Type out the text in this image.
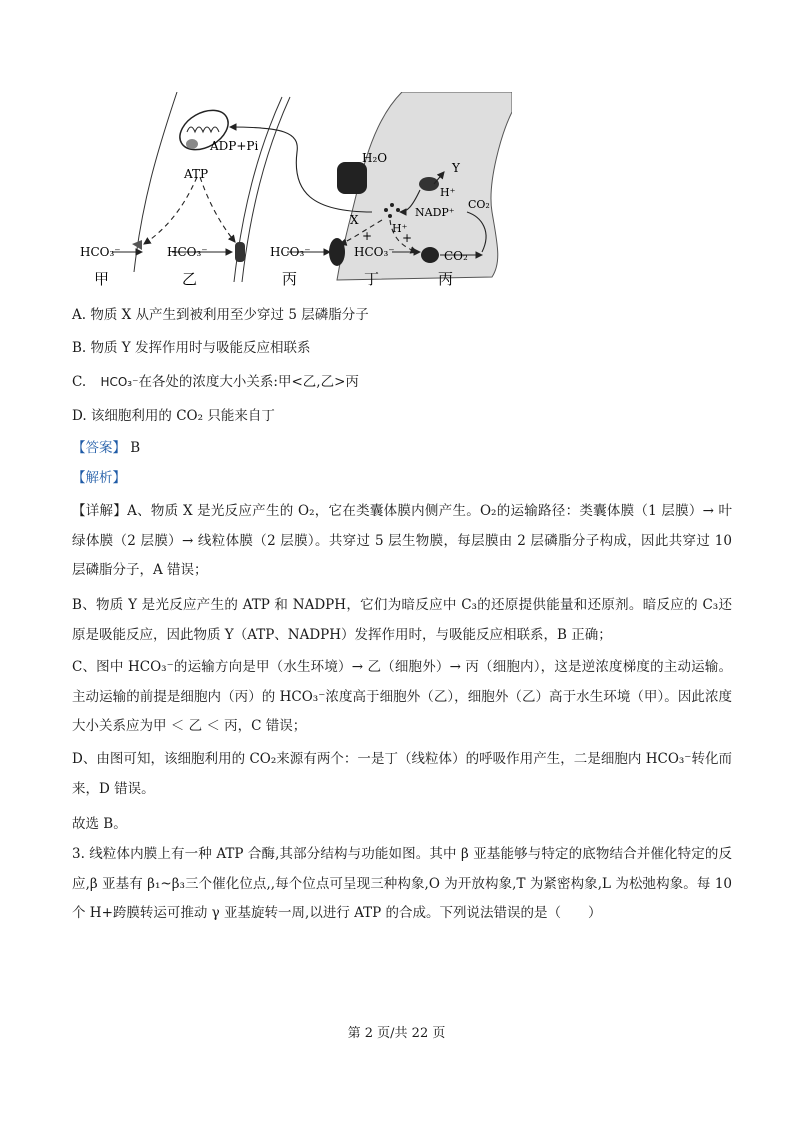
ADP+Pi
ATP
H₂O
X
Y
H⁺
H⁺
NADP⁺
CO₂
+ +
HCO₃⁻	HCO₃⁻	HCO₃⁻	HCO₃⁻	CO₂
甲	乙	丙	丁	丙
A. 物质 X 从产生到被利用至少穿过 5 层磷脂分子
B. 物质 Y 发挥作用时与吸能反应相联系
C. HCO₃⁻在各处的浓度大小关系:甲<乙,乙>丙
D. 该细胞利用的 CO₂ 只能来自丁
【答案】 B
【解析】
【详解】A、物质 X 是光反应产生的 O₂，它在类囊体膜内侧产生。O₂的运输路径：类囊体膜（1 层膜）→ 叶绿体膜（2 层膜）→ 线粒体膜（2 层膜）。共穿过 5 层生物膜，每层膜由 2 层磷脂分子构成，因此共穿过 10 层磷脂分子，A 错误；
B、物质 Y 是光反应产生的 ATP 和 NADPH，它们为暗反应中 C₃的还原提供能量和还原剂。暗反应的 C₃还原是吸能反应，因此物质 Y（ATP、NADPH）发挥作用时，与吸能反应相联系，B 正确；
C、图中 HCO₃⁻的运输方向是甲（水生环境）→ 乙（细胞外）→ 丙（细胞内），这是逆浓度梯度的主动运输。主动运输的前提是细胞内（丙）的 HCO₃⁻浓度高于细胞外（乙），细胞外（乙）高于水生环境（甲）。因此浓度大小关系应为甲 ＜ 乙 ＜ 丙，C 错误；
D、由图可知，该细胞利用的 CO₂来源有两个：一是丁（线粒体）的呼吸作用产生，二是细胞内 HCO₃⁻转化而来，D 错误。
故选 B。
3. 线粒体内膜上有一种 ATP 合酶,其部分结构与功能如图。其中 β 亚基能够与特定的底物结合并催化特定的反应,β 亚基有 β₁~β₃三个催化位点,,每个位点可呈现三种构象,O 为开放构象,T 为紧密构象,L 为松弛构象。每 10 个 H+跨膜转运可推动 γ 亚基旋转一周,以进行 ATP 的合成。下列说法错误的是（　　）
第 2 页/共 22 页
